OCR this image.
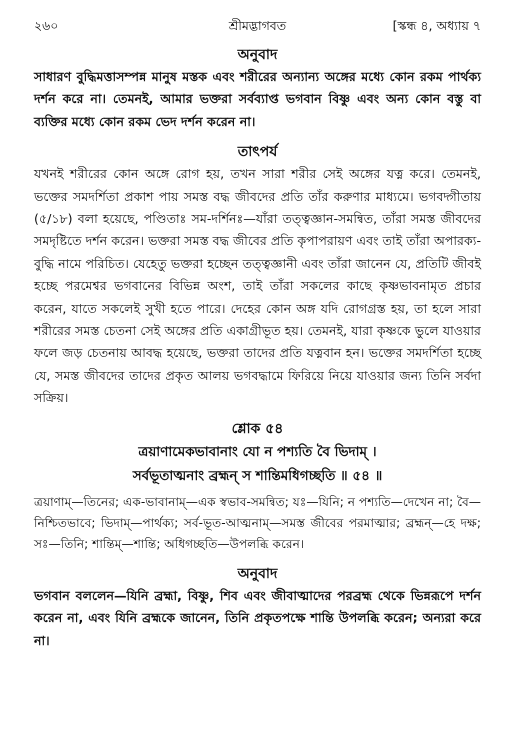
২৬০	শ্রীমদ্ভাগবত	[স্কন্ধ ৪, অধ্যায় ৭
অনুবাদ

সাধারণ বুদ্ধিমত্তাসম্পন্ন মানুষ মস্তক এবং শরীরের অন্যান্য অঙ্গের মধ্যে কোন রকম পার্থক্য দর্শন করে না। তেমনই, আমার ভক্তরা সর্বব্যাপ্ত ভগবান বিষ্ণু এবং অন্য কোন বস্তু বা ব্যক্তির মধ্যে কোন রকম ভেদ দর্শন করেন না।

তাৎপর্য

যখনই শরীরের কোন অঙ্গে রোগ হয়, তখন সারা শরীর সেই অঙ্গের যত্ন করে। তেমনই, ভক্তের সমদর্শিতা প্রকাশ পায় সমস্ত বদ্ধ জীবদের প্রতি তাঁর করুণার মাধ্যমে। ভগবদ্গীতায় (৫/১৮) বলা হয়েছে, পণ্ডিতাঃ সম-দর্শিনঃ—যাঁরা তত্ত্বজ্ঞান-সমন্বিত, তাঁরা সমস্ত জীবদের সমদৃষ্টিতে দর্শন করেন। ভক্তরা সমস্ত বদ্ধ জীবের প্রতি কৃপাপরায়ণ এবং তাই তাঁরা অপারক্য-বুদ্ধি নামে পরিচিত। যেহেতু ভক্তরা হচ্ছেন তত্ত্বজ্ঞানী এবং তাঁরা জানেন যে, প্রতিটি জীবই হচ্ছে পরমেশ্বর ভগবানের বিভিন্ন অংশ, তাই তাঁরা সকলের কাছে কৃষ্ণভাবনামৃত প্রচার করেন, যাতে সকলেই সুখী হতে পারে। দেহের কোন অঙ্গ যদি রোগগ্রস্ত হয়, তা হলে সারা শরীরের সমস্ত চেতনা সেই অঙ্গের প্রতি একাগ্রীভূত হয়। তেমনই, যারা কৃষ্ণকে ভুলে যাওয়ার ফলে জড় চেতনায় আবদ্ধ হয়েছে, ভক্তরা তাদের প্রতি যত্নবান হন। ভক্তের সমদর্শিতা হচ্ছে যে, সমস্ত জীবদের তাদের প্রকৃত আলয় ভগবদ্ধামে ফিরিয়ে নিয়ে যাওয়ার জন্য তিনি সর্বদা সক্রিয়।

শ্লোক ৫৪

ত্রয়াণামেকভাবানাং যো ন পশ্যতি বৈ ভিদাম্ ।

সর্বভূতাত্মনাং ব্রহ্মন্ স শান্তিমধিগচ্ছতি ॥ ৫৪ ॥

ত্রয়াণাম্—তিনের; এক-ভাবানাম্—এক স্বভাব-সমন্বিত; যঃ—যিনি; ন পশ্যতি—দেখেন না; বৈ—নিশ্চিতভাবে; ভিদাম্—পার্থক্য; সর্ব-ভূত-আত্মনাম্—সমস্ত জীবের পরমাত্মার; ব্রহ্মন্—হে দক্ষ; সঃ—তিনি; শান্তিম্—শান্তি; অধিগচ্ছতি—উপলব্ধি করেন।

অনুবাদ

ভগবান বললেন—যিনি ব্রহ্মা, বিষ্ণু, শিব এবং জীবাত্মাদের পরব্রহ্ম থেকে ভিন্নরূপে দর্শন করেন না, এবং যিনি ব্রহ্মকে জানেন, তিনি প্রকৃতপক্ষে শান্তি উপলব্ধি করেন; অন্যরা করে না।
